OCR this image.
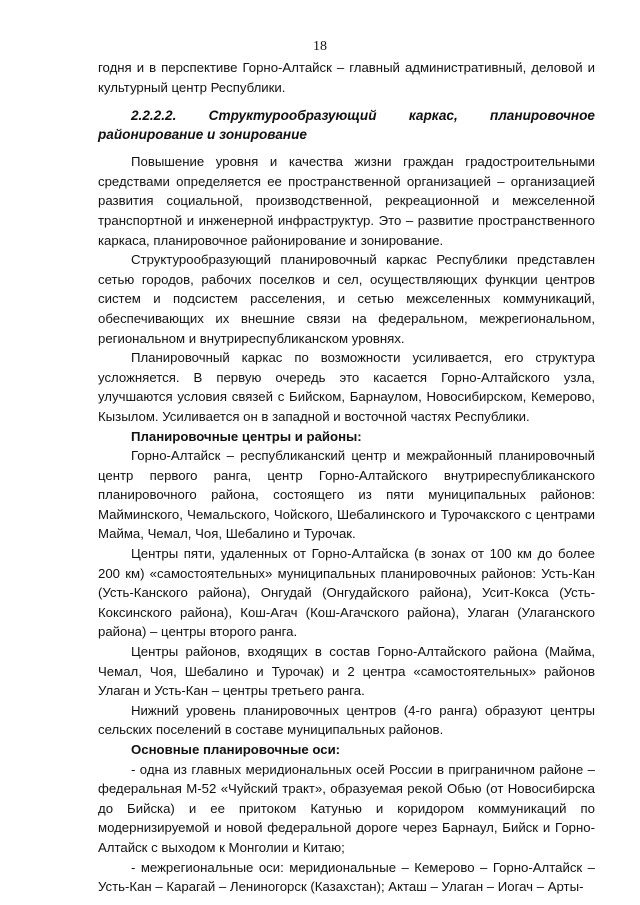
18

годня и в перспективе Горно-Алтайск – главный административный, деловой и культурный центр Республики.

2.2.2.2. Структурообразующий каркас, планировочное районирование и зонирование

Повышение уровня и качества жизни граждан градостроительными средствами определяется ее пространственной организацией – организацией развития социальной, производственной, рекреационной и межселенной транспортной и инженерной инфраструктур. Это – развитие пространственного каркаса, планировочное районирование и зонирование.

Структурообразующий планировочный каркас Республики представлен сетью городов, рабочих поселков и сел, осуществляющих функции центров систем и подсистем расселения, и сетью межселенных коммуникаций, обеспечивающих их внешние связи на федеральном, межрегиональном, региональном и внутриреспубликанском уровнях.

Планировочный каркас по возможности усиливается, его структура усложняется. В первую очередь это касается Горно-Алтайского узла, улучшаются условия связей с Бийском, Барнаулом, Новосибирском, Кемерово, Кызылом. Усиливается он в западной и восточной частях Республики.

Планировочные центры и районы:

Горно-Алтайск – республиканский центр и межрайонный планировочный центр первого ранга, центр Горно-Алтайского внутриреспубликанского планировочного района, состоящего из пяти муниципальных районов: Майминского, Чемальского, Чойского, Шебалинского и Турочакского с центрами Майма, Чемал, Чоя, Шебалино и Турочак.

Центры пяти, удаленных от Горно-Алтайска (в зонах от 100 км до более 200 км) «самостоятельных» муниципальных планировочных районов: Усть-Кан (Усть-Канского района), Онгудай (Онгудайского района), Усит-Кокса (Усть-Коксинского района), Кош-Агач (Кош-Агачского района), Улаган (Улаганского района) – центры второго ранга.

Центры районов, входящих в состав Горно-Алтайского района (Майма, Чемал, Чоя, Шебалино и Турочак) и 2 центра «самостоятельных» районов Улаган и Усть-Кан – центры третьего ранга.

Нижний уровень планировочных центров (4-го ранга) образуют центры сельских поселений в составе муниципальных районов.

Основные планировочные оси:

- одна из главных меридиональных осей России в приграничном районе – федеральная М-52 «Чуйский тракт», образуемая рекой Обью (от Новосибирска до Бийска) и ее притоком Катунью и коридором коммуникаций по модернизируемой и новой федеральной дороге через Барнаул, Бийск и Горно-Алтайск с выходом к Монголии и Китаю;

- межрегиональные оси: меридиональные – Кемерово – Горно-Алтайск – Усть-Кан – Карагай – Лениногорск (Казахстан); Акташ – Улаган – Иогач – Арты-
